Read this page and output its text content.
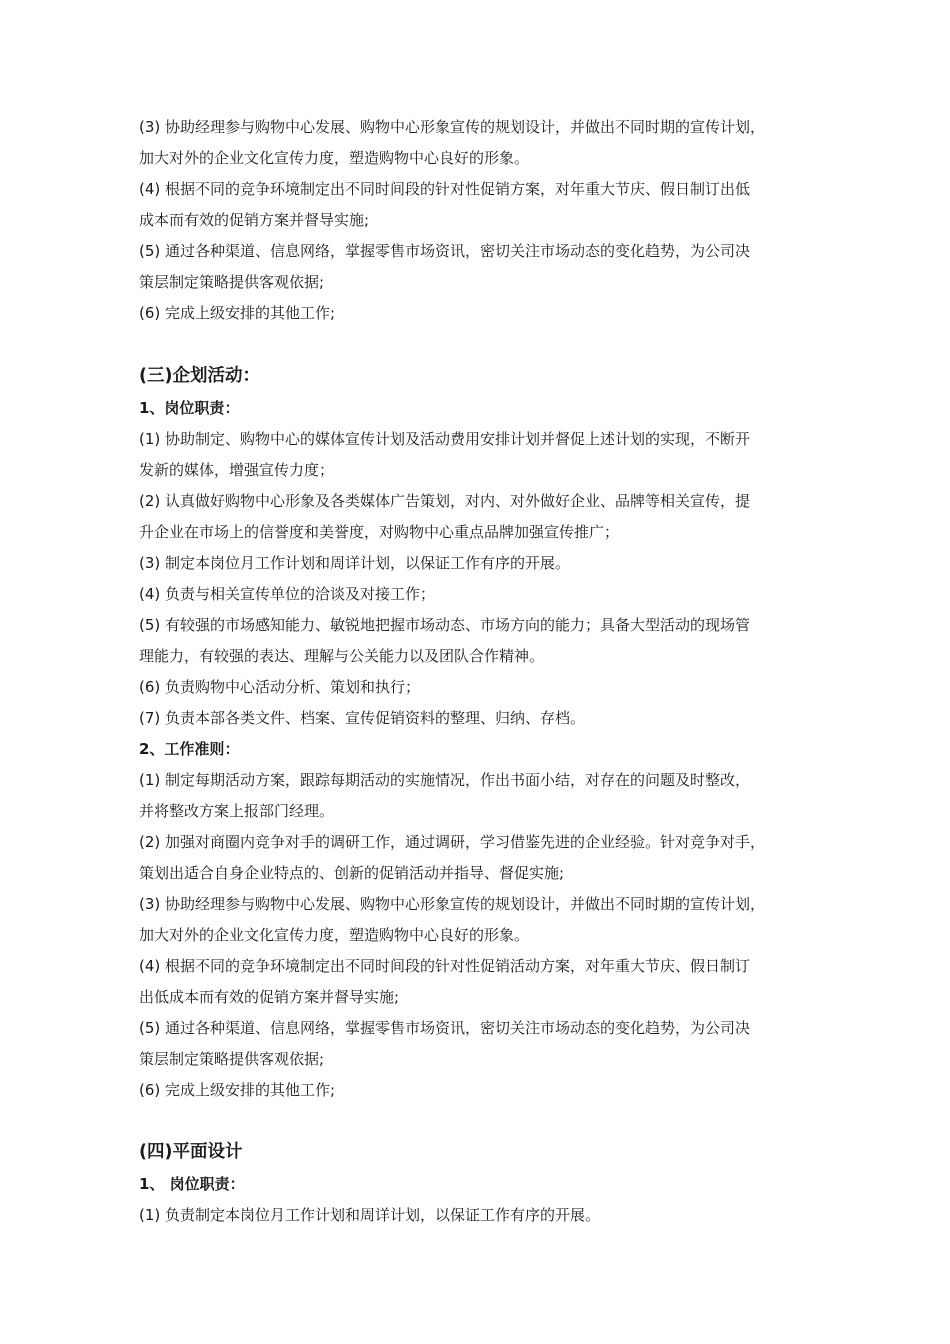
(3) 协助经理参与购物中心发展、购物中心形象宣传的规划设计，并做出不同时期的宣传计划，
加大对外的企业文化宣传力度，塑造购物中心良好的形象。
(4) 根据不同的竞争环境制定出不同时间段的针对性促销方案，对年重大节庆、假日制订出低
成本而有效的促销方案并督导实施;
(5) 通过各种渠道、信息网络，掌握零售市场资讯，密切关注市场动态的变化趋势，为公司决
策层制定策略提供客观依据;
(6) 完成上级安排的其他工作;
(三)企划活动：
1、岗位职责：
(1) 协助制定、购物中心的媒体宣传计划及活动费用安排计划并督促上述计划的实现，不断开
发新的媒体，增强宣传力度；
(2) 认真做好购物中心形象及各类媒体广告策划，对内、对外做好企业、品牌等相关宣传，提
升企业在市场上的信誉度和美誉度，对购物中心重点品牌加强宣传推广；
(3) 制定本岗位月工作计划和周详计划，以保证工作有序的开展。
(4) 负责与相关宣传单位的洽谈及对接工作；
(5) 有较强的市场感知能力、敏锐地把握市场动态、市场方向的能力；具备大型活动的现场管
理能力，有较强的表达、理解与公关能力以及团队合作精神。
(6) 负责购物中心活动分析、策划和执行；
(7) 负责本部各类文件、档案、宣传促销资料的整理、归纳、存档。
2、工作准则：
(1) 制定每期活动方案，跟踪每期活动的实施情况，作出书面小结，对存在的问题及时整改，
并将整改方案上报部门经理。
(2) 加强对商圈内竞争对手的调研工作，通过调研，学习借鉴先进的企业经验。针对竞争对手，
策划出适合自身企业特点的、创新的促销活动并指导、督促实施;
(3) 协助经理参与购物中心发展、购物中心形象宣传的规划设计，并做出不同时期的宣传计划，
加大对外的企业文化宣传力度，塑造购物中心良好的形象。
(4) 根据不同的竞争环境制定出不同时间段的针对性促销活动方案，对年重大节庆、假日制订
出低成本而有效的促销方案并督导实施;
(5) 通过各种渠道、信息网络，掌握零售市场资讯，密切关注市场动态的变化趋势，为公司决
策层制定策略提供客观依据;
(6) 完成上级安排的其他工作;
(四)平面设计
1、 岗位职责：
(1) 负责制定本岗位月工作计划和周详计划，以保证工作有序的开展。
